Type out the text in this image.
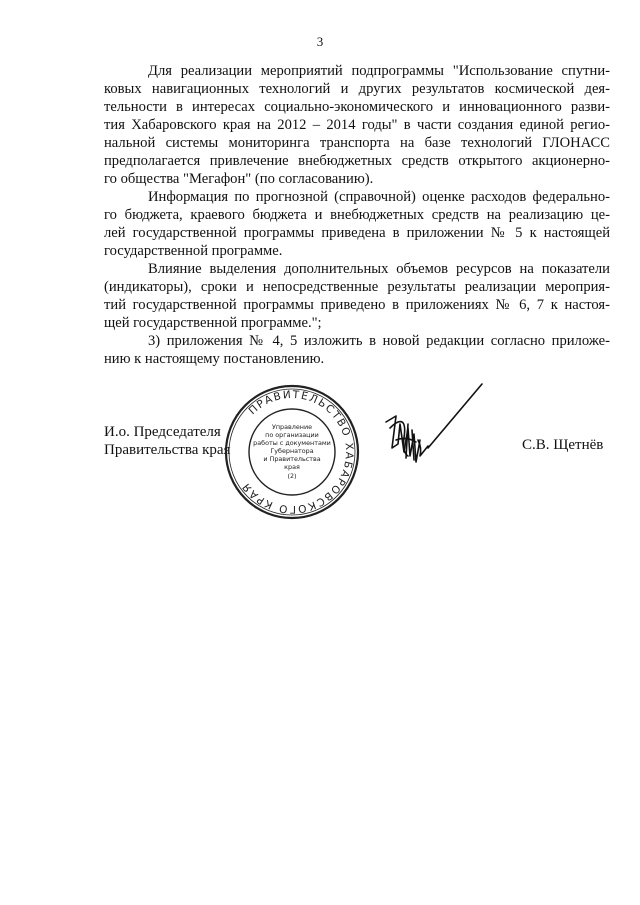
3
Для реализации мероприятий подпрограммы "Использование спутни-
ковых навигационных технологий и других результатов космической дея-
тельности в интересах социально-экономического и инновационного разви-
тия Хабаровского края на 2012 – 2014 годы" в части создания единой регио-
нальной системы мониторинга транспорта на базе технологий ГЛОНАСС
предполагается привлечение внебюджетных средств открытого акционерно-
го общества "Мегафон" (по согласованию).
Информация по прогнозной (справочной) оценке расходов федерально-
го бюджета, краевого бюджета и внебюджетных средств на реализацию це-
лей государственной программы приведена в приложении № 5 к настоящей
государственной программе.
Влияние выделения дополнительных объемов ресурсов на показатели
(индикаторы), сроки и непосредственные результаты реализации мероприя-
тий государственной программы приведено в приложениях № 6, 7 к настоя-
щей государственной программе.";
3) приложения № 4, 5 изложить в новой редакции согласно приложе-
нию к настоящему постановлению.
И.о. Председателя
Правительства края
ПРАВИТЕЛЬСТВО ХАБАРОВСКОГО КРАЯ
Управление
по организации
работы с документами
Губернатора
и Правительства
края
(2)
С.В. Щетнёв
